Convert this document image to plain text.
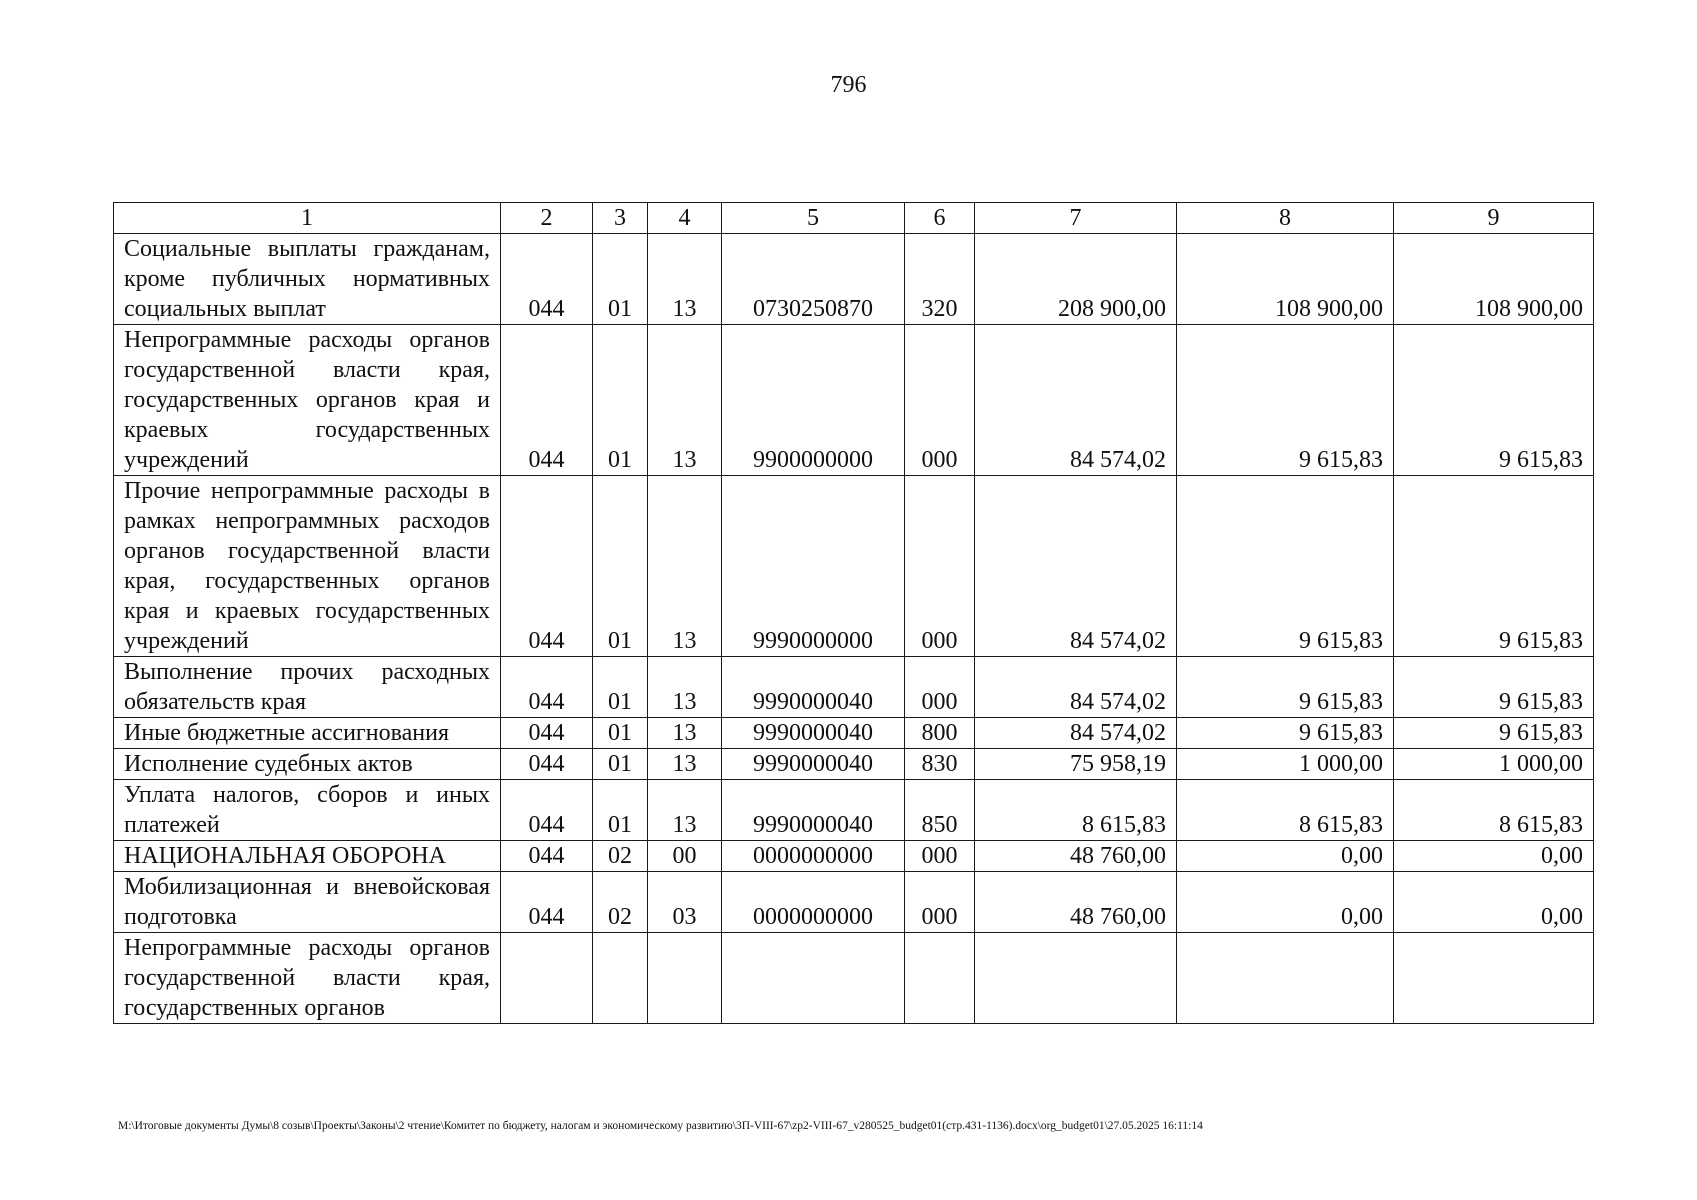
796
1	2	3	4	5	6	7	8	9
Социальные выплаты гражданам, кроме публичных нормативных социальных выплат	044	01	13	0730250870	320	208 900,00	108 900,00	108 900,00
Непрограммные расходы органов государственной власти края, государственных органов края и краевых государственных учреждений	044	01	13	9900000000	000	84 574,02	9 615,83	9 615,83
Прочие непрограммные расходы в рамках непрограммных расходов органов государственной власти края, государственных органов края и краевых государственных учреждений	044	01	13	9990000000	000	84 574,02	9 615,83	9 615,83
Выполнение прочих расходных обязательств края	044	01	13	9990000040	000	84 574,02	9 615,83	9 615,83
Иные бюджетные ассигнования	044	01	13	9990000040	800	84 574,02	9 615,83	9 615,83
Исполнение судебных актов	044	01	13	9990000040	830	75 958,19	1 000,00	1 000,00
Уплата налогов, сборов и иных платежей	044	01	13	9990000040	850	8 615,83	8 615,83	8 615,83
НАЦИОНАЛЬНАЯ ОБОРОНА	044	02	00	0000000000	000	48 760,00	0,00	0,00
Мобилизационная и вневойсковая подготовка	044	02	03	0000000000	000	48 760,00	0,00	0,00
Непрограммные расходы органов государственной власти края, государственных органов								
M:\Итоговые документы Думы\8 созыв\Проекты\Законы\2 чтение\Комитет по бюджету, налогам и экономическому развитию\3П-VIII-67\zp2-VIII-67_v280525_budget01(стр.431-1136).docx\org_budget01\27.05.2025 16:11:14
